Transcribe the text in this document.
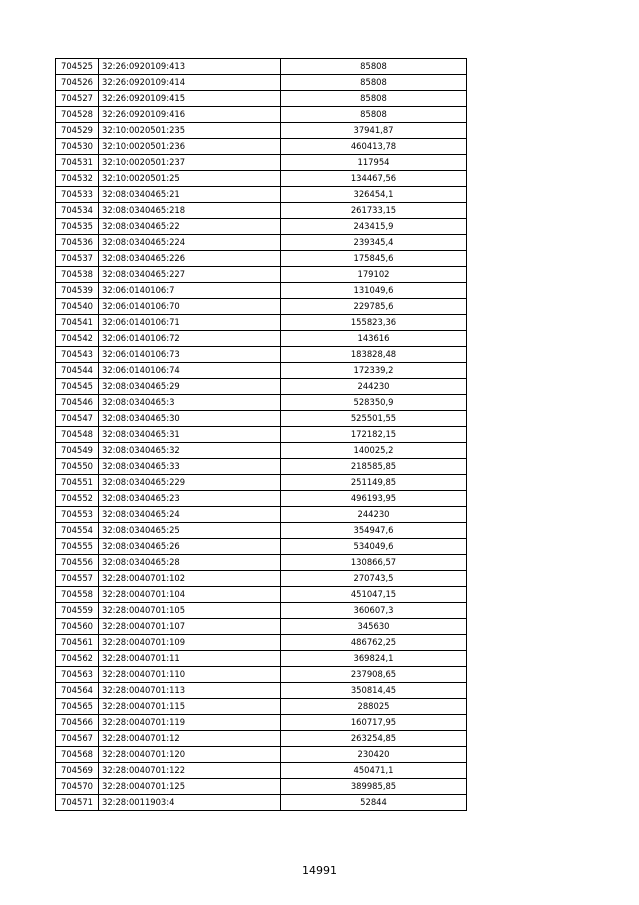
704525	32:26:0920109:413	85808
704526	32:26:0920109:414	85808
704527	32:26:0920109:415	85808
704528	32:26:0920109:416	85808
704529	32:10:0020501:235	37941,87
704530	32:10:0020501:236	460413,78
704531	32:10:0020501:237	117954
704532	32:10:0020501:25	134467,56
704533	32:08:0340465:21	326454,1
704534	32:08:0340465:218	261733,15
704535	32:08:0340465:22	243415,9
704536	32:08:0340465:224	239345,4
704537	32:08:0340465:226	175845,6
704538	32:08:0340465:227	179102
704539	32:06:0140106:7	131049,6
704540	32:06:0140106:70	229785,6
704541	32:06:0140106:71	155823,36
704542	32:06:0140106:72	143616
704543	32:06:0140106:73	183828,48
704544	32:06:0140106:74	172339,2
704545	32:08:0340465:29	244230
704546	32:08:0340465:3	528350,9
704547	32:08:0340465:30	525501,55
704548	32:08:0340465:31	172182,15
704549	32:08:0340465:32	140025,2
704550	32:08:0340465:33	218585,85
704551	32:08:0340465:229	251149,85
704552	32:08:0340465:23	496193,95
704553	32:08:0340465:24	244230
704554	32:08:0340465:25	354947,6
704555	32:08:0340465:26	534049,6
704556	32:08:0340465:28	130866,57
704557	32:28:0040701:102	270743,5
704558	32:28:0040701:104	451047,15
704559	32:28:0040701:105	360607,3
704560	32:28:0040701:107	345630
704561	32:28:0040701:109	486762,25
704562	32:28:0040701:11	369824,1
704563	32:28:0040701:110	237908,65
704564	32:28:0040701:113	350814,45
704565	32:28:0040701:115	288025
704566	32:28:0040701:119	160717,95
704567	32:28:0040701:12	263254,85
704568	32:28:0040701:120	230420
704569	32:28:0040701:122	450471,1
704570	32:28:0040701:125	389985,85
704571	32:28:0011903:4	52844
14991
